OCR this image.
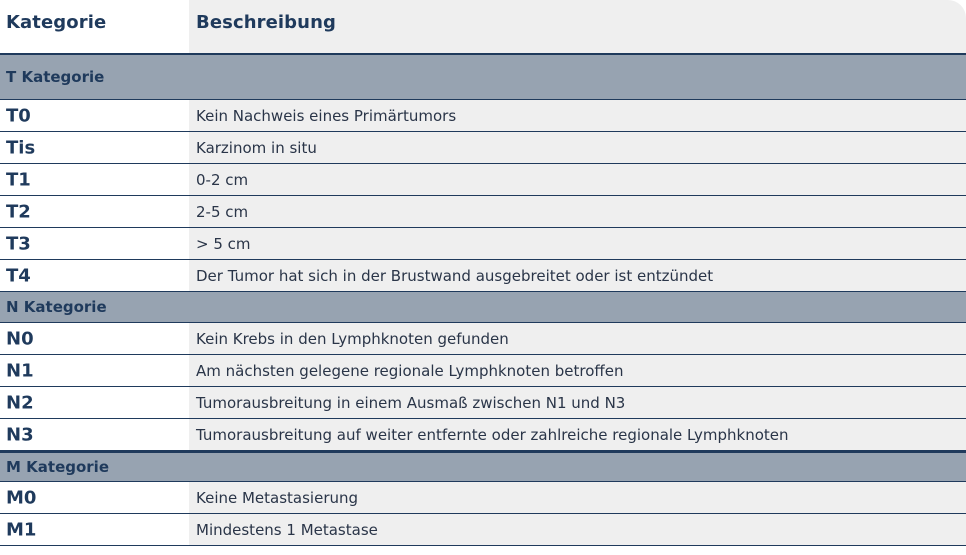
Kategorie	Beschreibung
T Kategorie
T0	Kein Nachweis eines Primärtumors
Tis	Karzinom in situ
T1	0-2 cm
T2	2-5 cm
T3	> 5 cm
T4	Der Tumor hat sich in der Brustwand ausgebreitet oder ist entzündet
N Kategorie
N0	Kein Krebs in den Lymphknoten gefunden
N1	Am nächsten gelegene regionale Lymphknoten betroffen
N2	Tumorausbreitung in einem Ausmaß zwischen N1 und N3
N3	Tumorausbreitung auf weiter entfernte oder zahlreiche regionale Lymphknoten
M Kategorie
M0	Keine Metastasierung
M1	Mindestens 1 Metastase
